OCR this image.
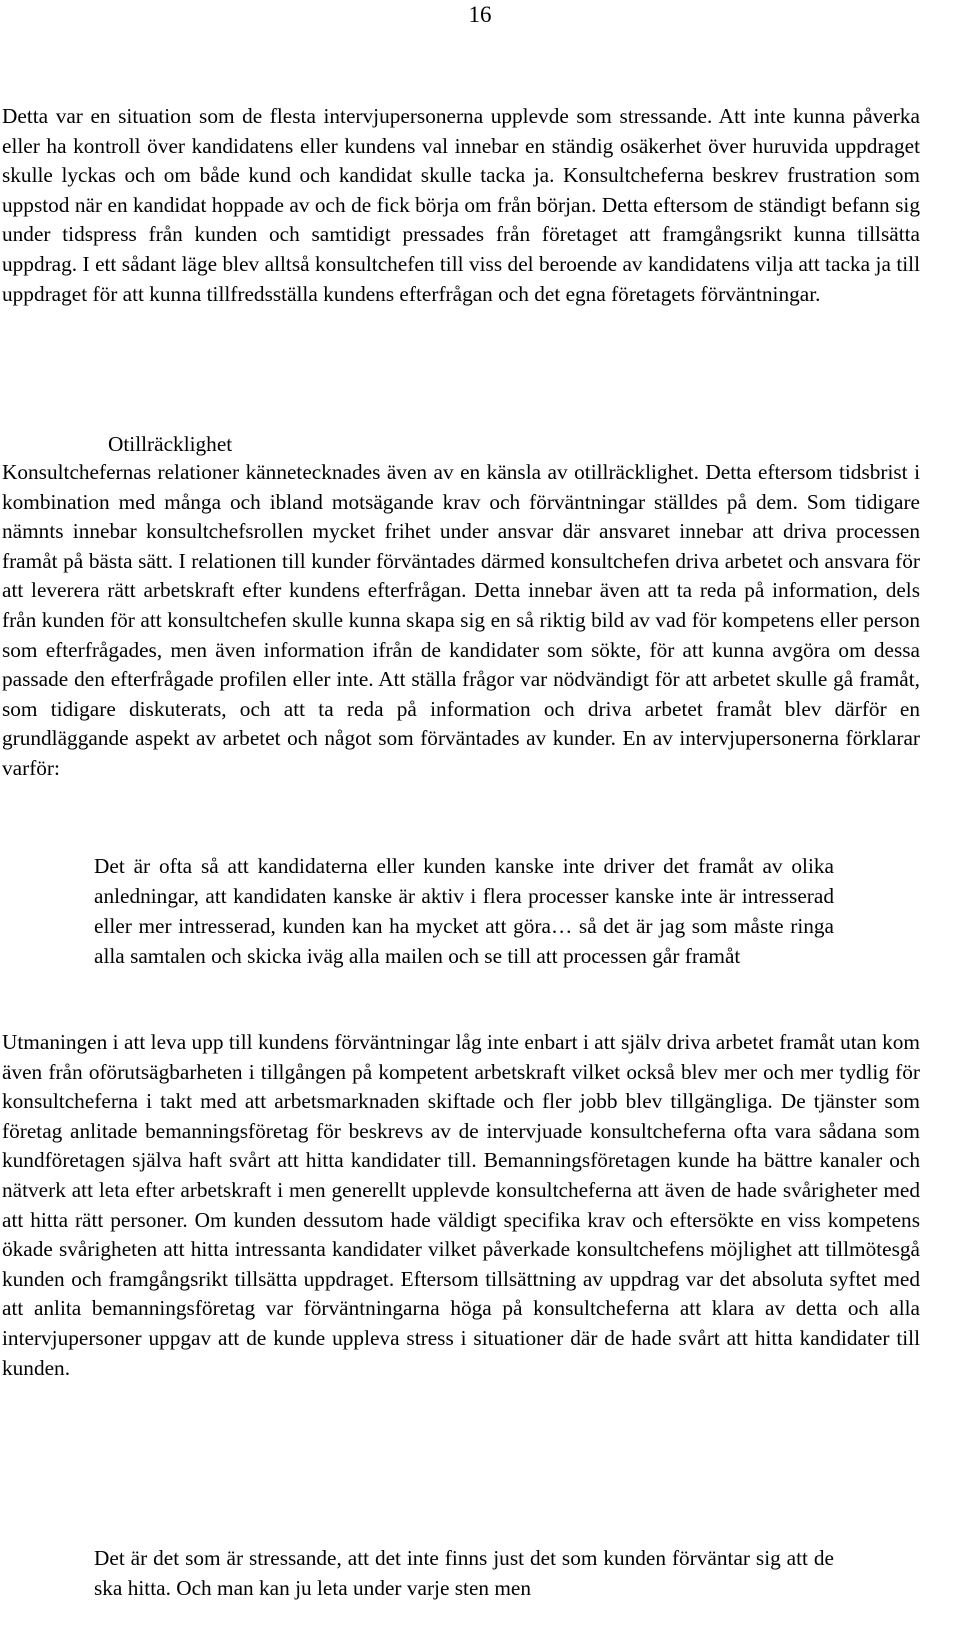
16

Detta var en situation som de flesta intervjupersonerna upplevde som stressande. Att inte kunna påverka eller ha kontroll över kandidatens eller kundens val innebar en ständig osäkerhet över huruvida uppdraget skulle lyckas och om både kund och kandidat skulle tacka ja. Konsultcheferna beskrev frustration som uppstod när en kandidat hoppade av och de fick börja om från början. Detta eftersom de ständigt befann sig under tidspress från kunden och samtidigt pressades från företaget att framgångsrikt kunna tillsätta uppdrag. I ett sådant läge blev alltså konsultchefen till viss del beroende av kandidatens vilja att tacka ja till uppdraget för att kunna tillfredsställa kundens efterfrågan och det egna företagets förväntningar.

Otillräcklighet

Konsultchefernas relationer kännetecknades även av en känsla av otillräcklighet. Detta eftersom tidsbrist i kombination med många och ibland motsägande krav och förväntningar ställdes på dem. Som tidigare nämnts innebar konsultchefsrollen mycket frihet under ansvar där ansvaret innebar att driva processen framåt på bästa sätt. I relationen till kunder förväntades därmed konsultchefen driva arbetet och ansvara för att leverera rätt arbetskraft efter kundens efterfrågan. Detta innebar även att ta reda på information, dels från kunden för att konsultchefen skulle kunna skapa sig en så riktig bild av vad för kompetens eller person som efterfrågades, men även information ifrån de kandidater som sökte, för att kunna avgöra om dessa passade den efterfrågade profilen eller inte. Att ställa frågor var nödvändigt för att arbetet skulle gå framåt, som tidigare diskuterats, och att ta reda på information och driva arbetet framåt blev därför en grundläggande aspekt av arbetet och något som förväntades av kunder. En av intervjupersonerna förklarar varför:

Det är ofta så att kandidaterna eller kunden kanske inte driver det framåt av olika anledningar, att kandidaten kanske är aktiv i flera processer kanske inte är intresserad eller mer intresserad, kunden kan ha mycket att göra… så det är jag som måste ringa alla samtalen och skicka iväg alla mailen och se till att processen går framåt

Utmaningen i att leva upp till kundens förväntningar låg inte enbart i att själv driva arbetet framåt utan kom även från oförutsägbarheten i tillgången på kompetent arbetskraft vilket också blev mer och mer tydlig för konsultcheferna i takt med att arbetsmarknaden skiftade och fler jobb blev tillgängliga. De tjänster som företag anlitade bemanningsföretag för beskrevs av de intervjuade konsultcheferna ofta vara sådana som kundföretagen själva haft svårt att hitta kandidater till. Bemanningsföretagen kunde ha bättre kanaler och nätverk att leta efter arbetskraft i men generellt upplevde konsultcheferna att även de hade svårigheter med att hitta rätt personer. Om kunden dessutom hade väldigt specifika krav och eftersökte en viss kompetens ökade svårigheten att hitta intressanta kandidater vilket påverkade konsultchefens möjlighet att tillmötesgå kunden och framgångsrikt tillsätta uppdraget. Eftersom tillsättning av uppdrag var det absoluta syftet med att anlita bemanningsföretag var förväntningarna höga på konsultcheferna att klara av detta och alla intervjupersoner uppgav att de kunde uppleva stress i situationer där de hade svårt att hitta kandidater till kunden.

Det är det som är stressande, att det inte finns just det som kunden förväntar sig att de ska hitta. Och man kan ju leta under varje sten men
